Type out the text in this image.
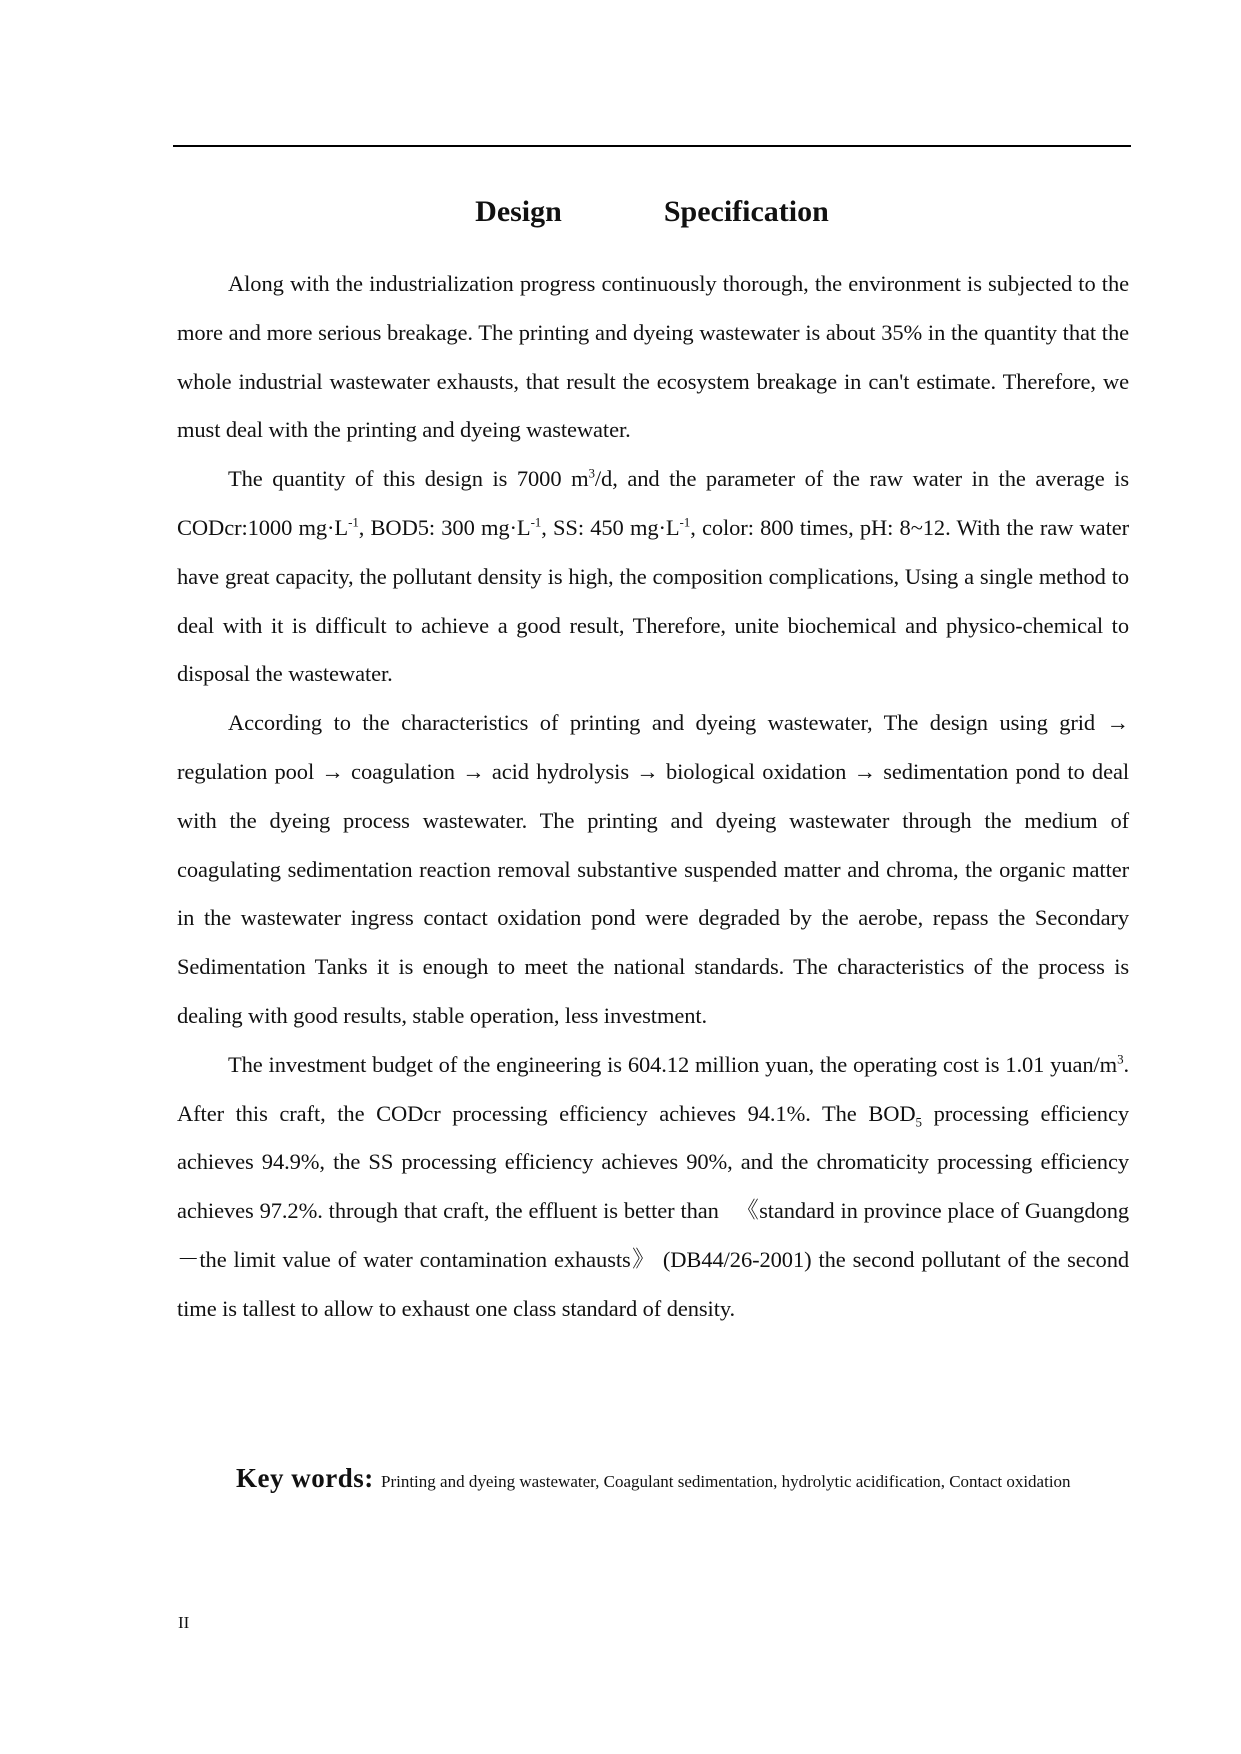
Design    Specification

Along with the industrialization progress continuously thorough, the environment is subjected to the more and more serious breakage. The printing and dyeing wastewater is about 35% in the quantity that the whole industrial wastewater exhausts, that result the ecosystem breakage in can't estimate. Therefore, we must deal with the printing and dyeing wastewater.

The quantity of this design is 7000 $m^3/d$, and the parameter of the raw water in the average is CODcr:1000 $mg\cdot L^{-1}$, BOD5: 300 $mg\cdot L^{-1}$, SS: 450 $mg\cdot L^{-1}$, color: 800 times, pH: 8~12. With the raw water have great capacity, the pollutant density is high, the composition complications, Using a single method to deal with it is difficult to achieve a good result, Therefore, unite biochemical and physico-chemical to disposal the wastewater.

According to the characteristics of printing and dyeing wastewater, The design using grid → regulation pool → coagulation → acid hydrolysis → biological oxidation → sedimentation pond to deal with the dyeing process wastewater. The printing and dyeing wastewater through the medium of coagulating sedimentation reaction removal substantive suspended matter and chroma, the organic matter in the wastewater ingress contact oxidation pond were degraded by the aerobe, repass the Secondary Sedimentation Tanks it is enough to meet the national standards. The characteristics of the process is dealing with good results, stable operation, less investment.

The investment budget of the engineering is 604.12 million yuan, the operating cost is 1.01 yuan/$m^3$. After this craft, the CODcr processing efficiency achieves 94.1%. The $BOD_5$ processing efficiency achieves 94.9%, the SS processing efficiency achieves 90%, and the chromaticity processing efficiency achieves 97.2%. through that craft, the effluent is better than 　《standard in province place of Guangdong－the limit value of water contamination exhausts》 (DB44/26-2001) the second pollutant of the second time is tallest to allow to exhaust one class standard of density.

Key words: Printing and dyeing wastewater, Coagulant sedimentation, hydrolytic acidification, Contact oxidation
II
